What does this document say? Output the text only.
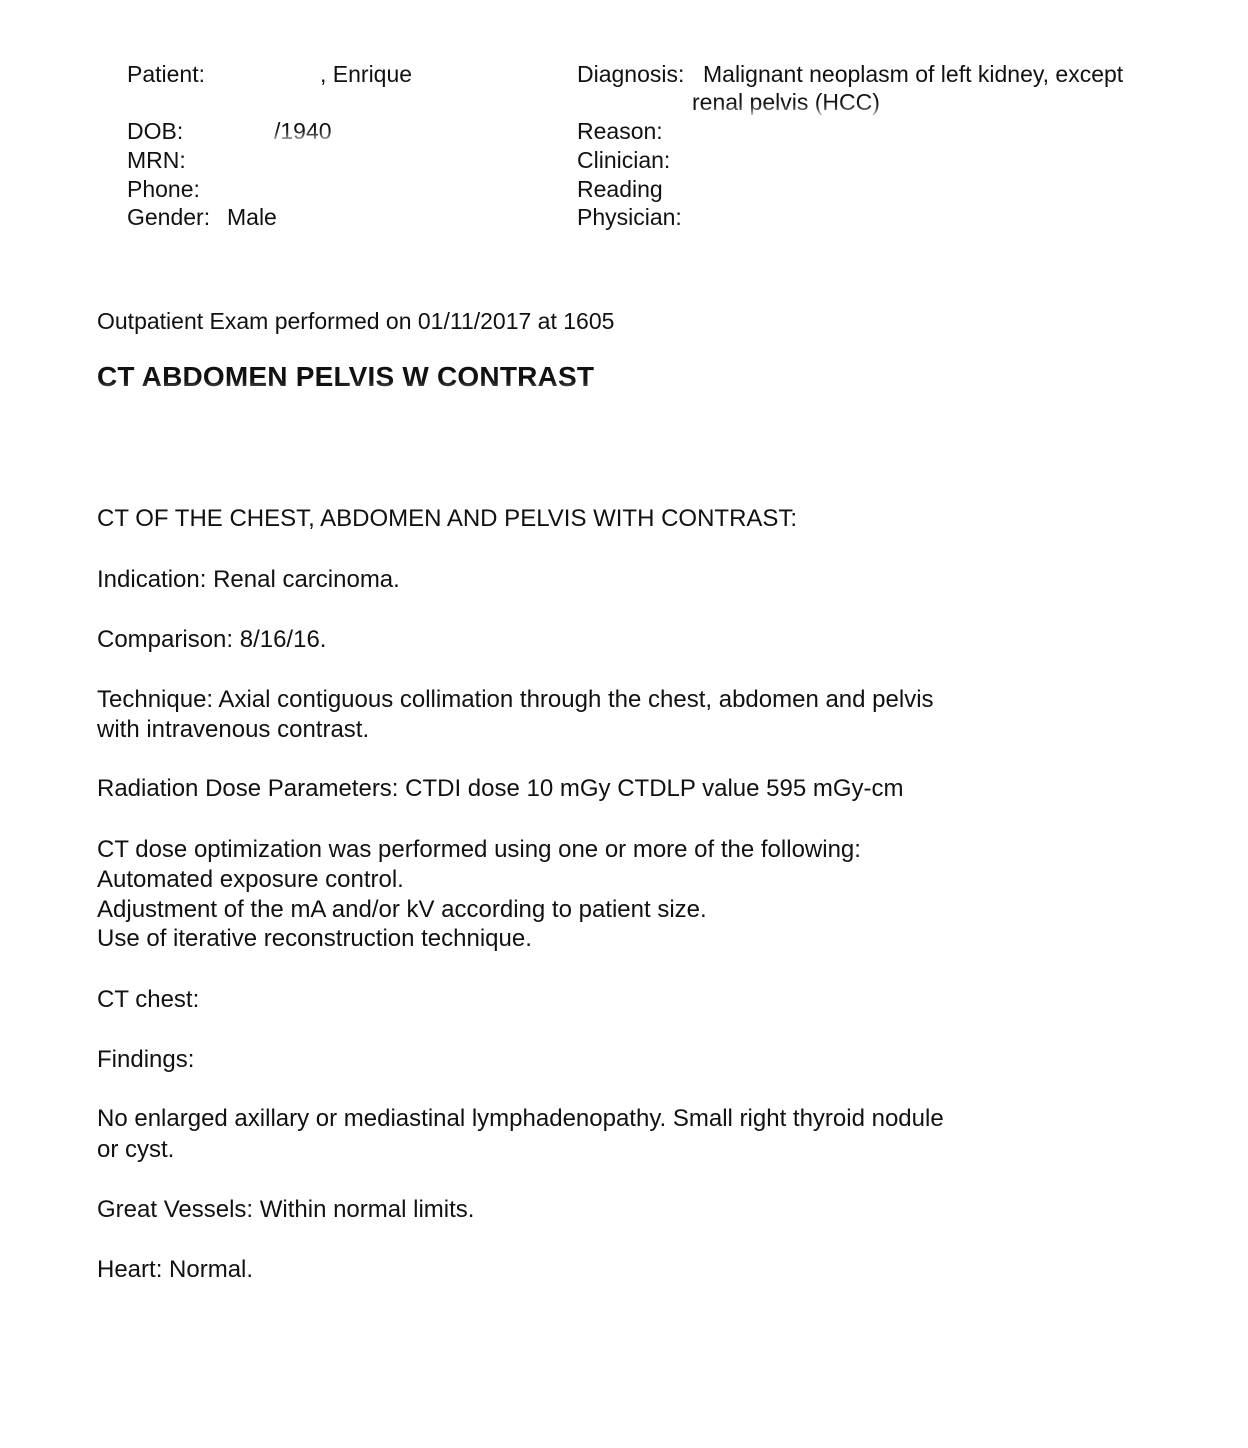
Patient:	, Enrique
DOB:	/1940
MRN:
Phone:
Gender: Male
Diagnosis: Malignant neoplasm of left kidney, except
renal pelvis (HCC)
Reason:
Clinician:
Reading
Physician:
Outpatient Exam performed on 01/11/2017 at 1605
CT ABDOMEN PELVIS W CONTRAST
CT OF THE CHEST, ABDOMEN AND PELVIS WITH CONTRAST:
Indication: Renal carcinoma.
Comparison: 8/16/16.
Technique: Axial contiguous collimation through the chest, abdomen and pelvis
with intravenous contrast.
Radiation Dose Parameters: CTDI dose 10 mGy CTDLP value 595 mGy-cm
CT dose optimization was performed using one or more of the following:
Automated exposure control.
Adjustment of the mA and/or kV according to patient size.
Use of iterative reconstruction technique.
CT chest:
Findings:
No enlarged axillary or mediastinal lymphadenopathy. Small right thyroid nodule
or cyst.
Great Vessels: Within normal limits.
Heart: Normal.
